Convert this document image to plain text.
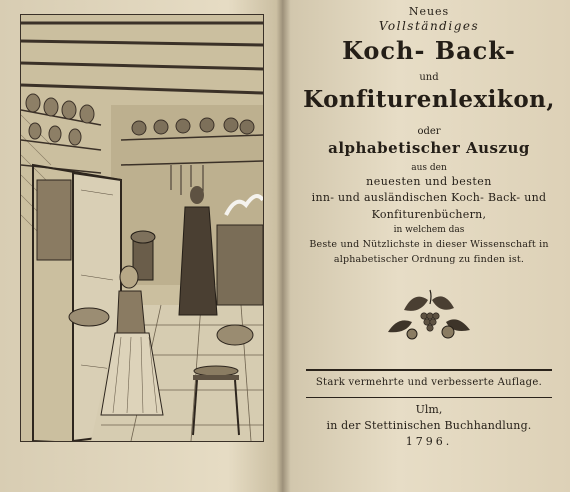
Neues
Vollständiges
Koch- Back-
und
Konfiturenlexikon,
oder
alphabetischer Auszug
aus den
neuesten und besten
inn- und ausländischen Koch- Back- und
Konfiturenbüchern,
in welchem das
Beste und Nützlichste in dieser Wissenschaft in
alphabetischer Ordnung zu finden ist.
Stark vermehrte und verbesserte Auflage.
Ulm,
in der Stettinischen Buchhandlung.
1796.
